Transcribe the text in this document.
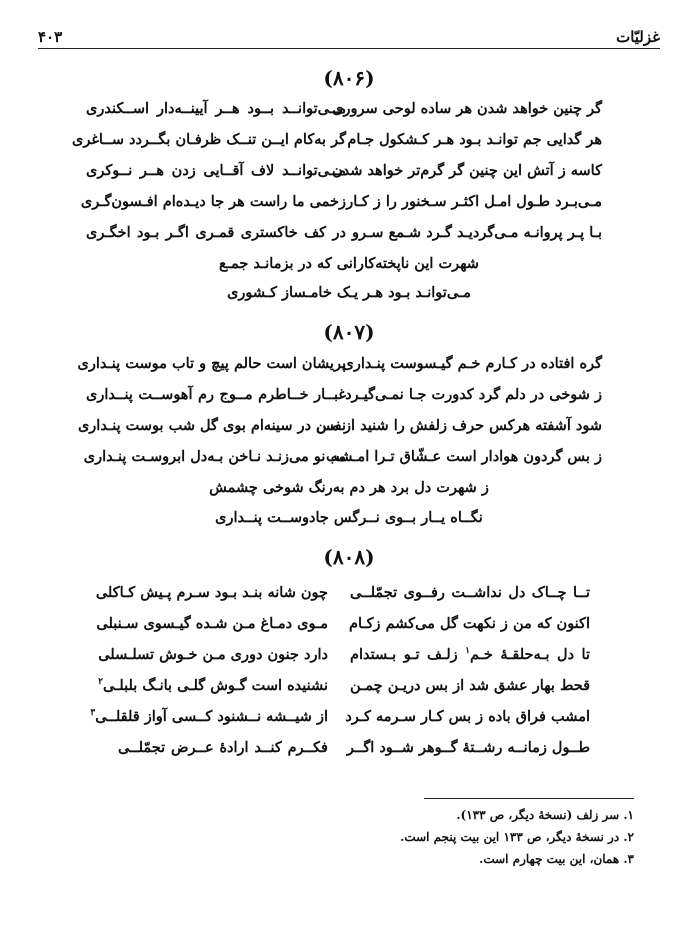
غزلیّات
۴۰۳
(۸۰۶)
گر چنین خواهد شدن هر ساده لوحی سروری
مــی‌توانــد بــود هــر آیینــه‌دار اســکندری
هر گدایی جم توانـد بـود هـر کـشکول جـام
گر به‌کام ایــن تنــک ظرفـان بگــردد ســاغری
کاسه ز آتش این چنین گر گرم‌تر خواهد شدن
مــی‌توانــد لاف آقــایی زدن هــر نــوکری
مـی‌بـرد طـول امـل اکثـر سـخنور را ز کـار
زخمی ما راست هر جا دیـده‌ام افـسون‌گـری
بـا پـر پروانـه مـی‌گردیـد گـرد شـمع سـرو
در کف خاکستری قمـری اگـر بـود اخگـری
شهرت این ناپخته‌کارانی که در بزمانـد جمـع
مـی‌توانـد بـود هـر یـک خامـساز کـشوری
(۸۰۷)
گره افتاده در کـارم خـم گیـسوست پنـداری
پریشان است حالم پیچ و تاب موست پنـداری
ز شوخی در دلم گرد کدورت جـا نمـی‌گیـرد
غبــار خــاطرم مــوج رم آهوســت پنــداری
شود آشفته هرکس حرف زلفش را شنید از مـن
نفس در سینه‌ام بوی گل شب بوست پنـداری
ز بس گردون هوادار است عـشّاق تـرا امـشب
مه نو می‌زنـد نـاخن بـه‌دل ابروسـت پنـداری
ز شهرت دل برد هر دم به‌رنگ شوخی چشمش
نگــاه یــار بــوی نــرگس جادوســت پنــداری
(۸۰۸)
تــا چــاک دل نداشــت رفــوی تجمّلــی
چون شانه بنـد بـود سـرم پـیش کـاکلی
اکنون که من ز نکهت گل می‌کشم زکـام
مـوی دمـاغ مـن شـده گیـسوی سـنبلی
تا دل بـه‌حلقـهٔ خـم$^۱$ زلـف تـو بـستدام
دارد جنون دوری مـن خـوش تسلـسلی
قحط بهار عشق شد از بس دریـن چمـن
نشنیده است گـوش گلـی بانـگ بلبلـی$^۲$
امشب فراق باده ز بس کـار سـرمه کـرد
از شیــشه نــشنود کــسی آواز قلقلــی$^۳$
طــول زمانــه رشــتهٔ گــوهر شــود اگــر
فکــرم کنــد ارادهٔ عــرض تجمّلــی
۱. سر زلف (نسخهٔ دیگر، ص ۱۳۳).
۲. در نسخهٔ دیگر، ص ۱۳۳ این بیت پنجم است.
۳. همان، این بیت چهارم است.
